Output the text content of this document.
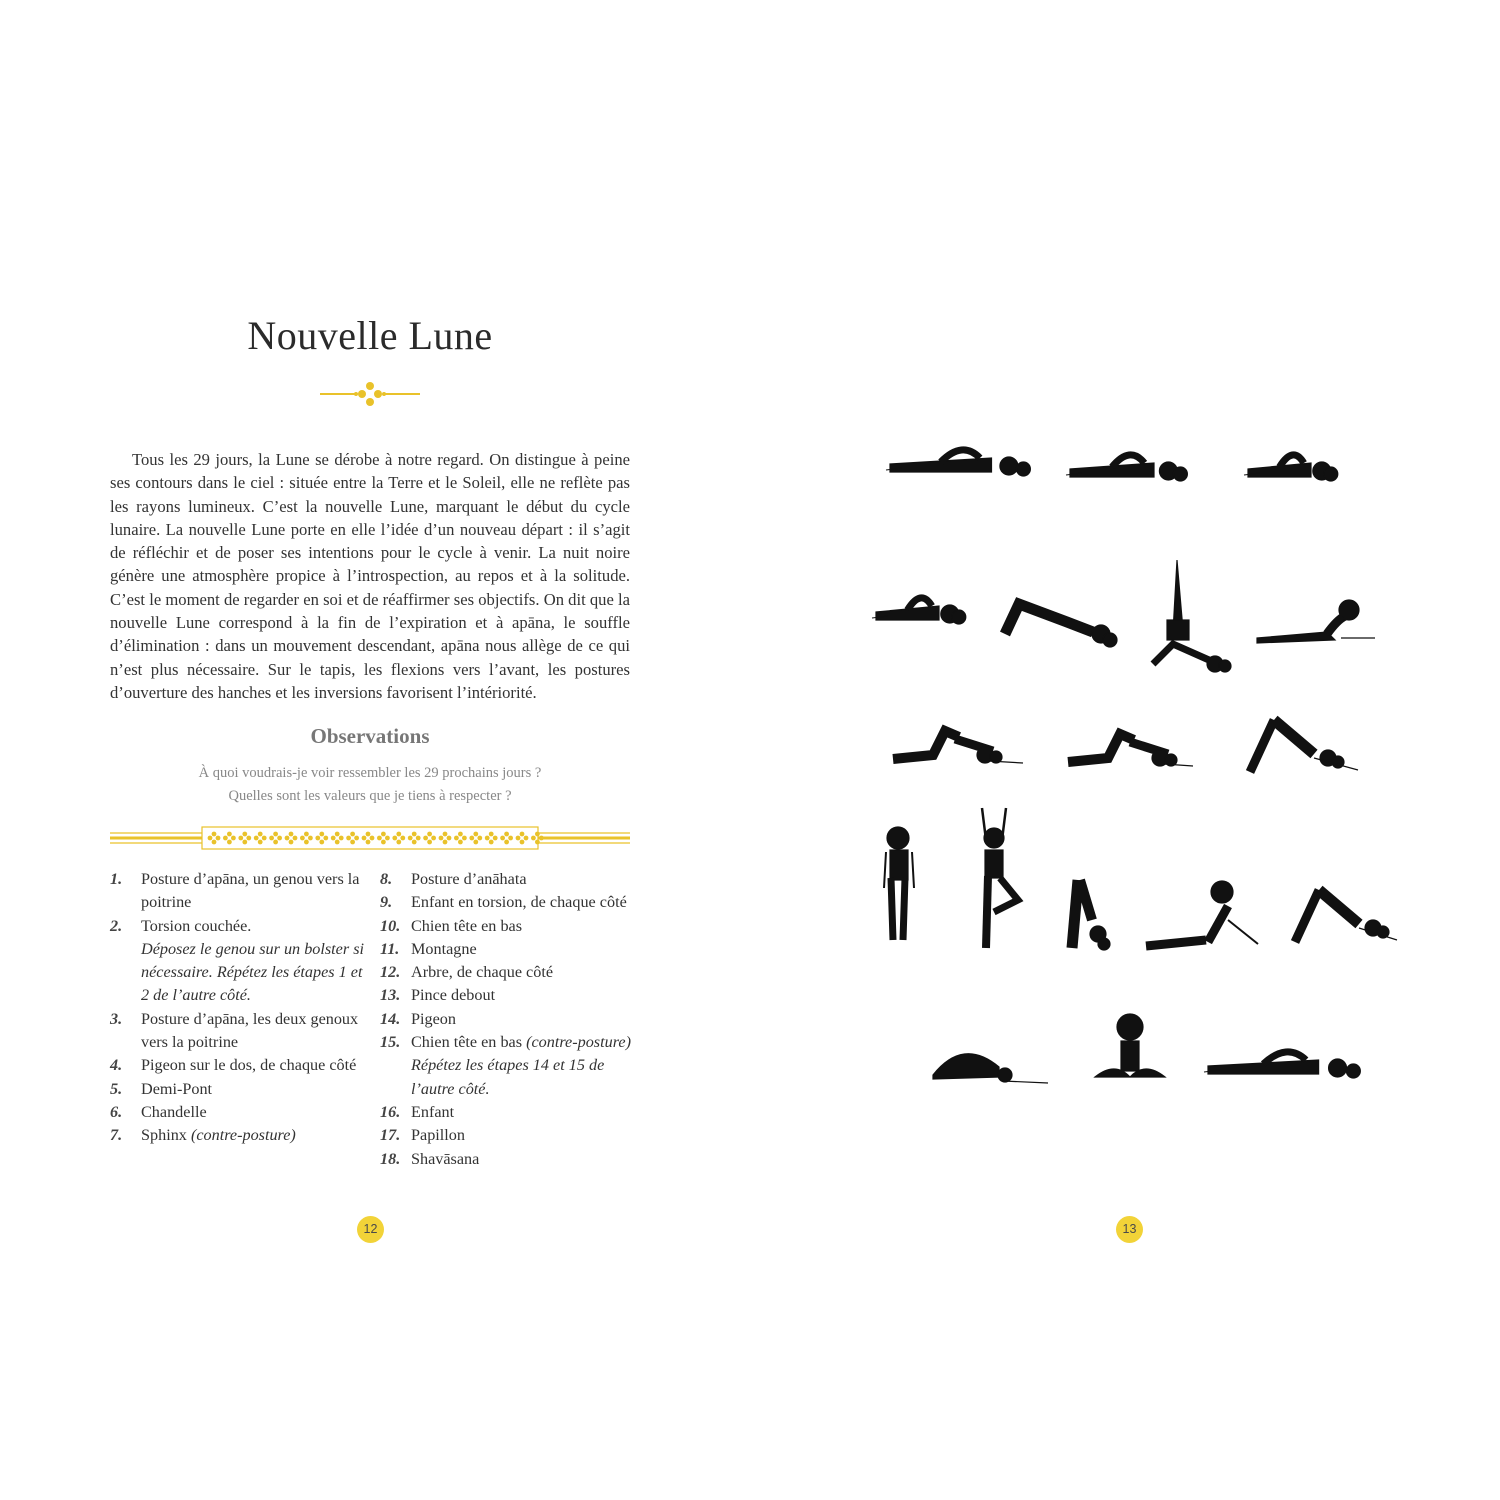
Nouvelle Lune

Tous les 29 jours, la Lune se dérobe à notre regard. On distingue à peine ses contours dans le ciel : située entre la Terre et le Soleil, elle ne reflète pas les rayons lumineux. C’est la nouvelle Lune, marquant le début du cycle lunaire. La nouvelle Lune porte en elle l’idée d’un nouveau départ : il s’agit de réfléchir et de poser ses intentions pour le cycle à venir. La nuit noire génère une atmosphère propice à l’introspection, au repos et à la solitude. C’est le moment de regarder en soi et de réaffirmer ses objectifs. On dit que la nouvelle Lune correspond à la fin de l’expiration et à apāna, le souffle d’élimination : dans un mouvement descendant, apāna nous allège de ce qui n’est plus nécessaire. Sur le tapis, les flexions vers l’avant, les postures d’ouverture des hanches et les inversions favorisent l’intériorité.

Observations

À quoi voudrais-je voir ressembler les 29 prochains jours ?

Quelles sont les valeurs que je tiens à respecter ?

1. Posture d’apāna, un genou vers la poitrine
2. Torsion couchée.
Déposez le genou sur un bolster si nécessaire. Répétez les étapes 1 et 2 de l’autre côté.
3. Posture d’apāna, les deux genoux vers la poitrine
4. Pigeon sur le dos, de chaque côté
5. Demi-Pont
6. Chandelle
7. Sphinx (contre-posture)
8. Posture d’anāhata
9. Enfant en torsion, de chaque côté
10. Chien tête en bas
11. Montagne
12. Arbre, de chaque côté
13. Pince debout
14. Pigeon
15. Chien tête en bas (contre-posture) Répétez les étapes 14 et 15 de l’autre côté.
16. Enfant
17. Papillon
18. Shavāsana
12	13
